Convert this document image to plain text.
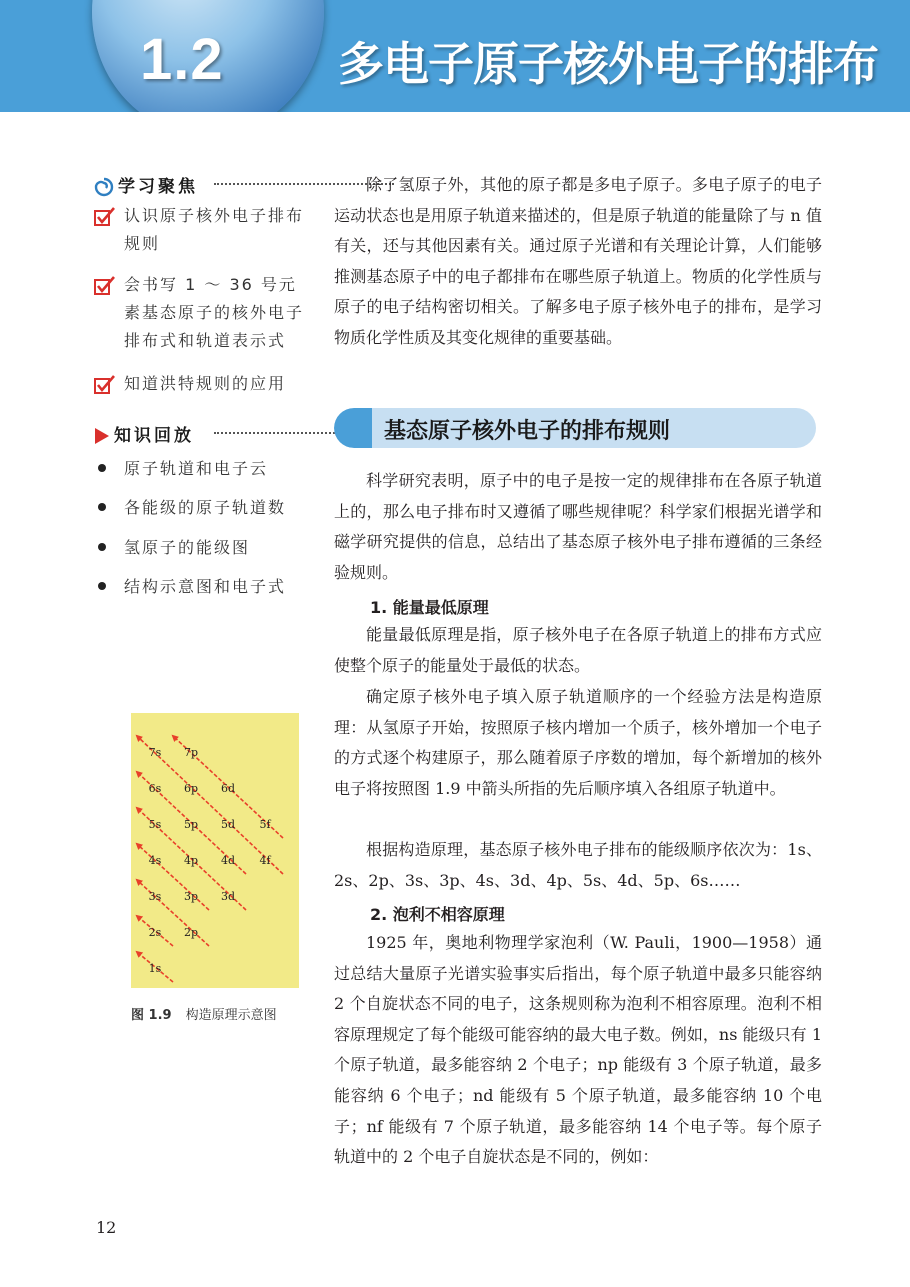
1.2 多电子原子核外电子的排布
学习聚焦
认识原子核外电子排布规则
会书写 1 ～ 36 号元素基态原子的核外电子排布式和轨道表示式
知道洪特规则的应用
知识回放
原子轨道和电子云
各能级的原子轨道数
氢原子的能级图
结构示意图和电子式
1s
2s 2p
3s 3p 3d
4s 4p 4d 4f
5s 5p 5d 5f
6s 6p 6d
7s 7p
图 1.9 构造原理示意图

除了氢原子外，其他的原子都是多电子原子。多电子原子的电子运动状态也是用原子轨道来描述的，但是原子轨道的能量除了与 n 值有关，还与其他因素有关。通过原子光谱和有关理论计算，人们能够推测基态原子中的电子都排布在哪些原子轨道上。物质的化学性质与原子的电子结构密切相关。了解多电子原子核外电子的排布，是学习物质化学性质及其变化规律的重要基础。

基态原子核外电子的排布规则

科学研究表明，原子中的电子是按一定的规律排布在各原子轨道上的，那么电子排布时又遵循了哪些规律呢？科学家们根据光谱学和磁学研究提供的信息，总结出了基态原子核外电子排布遵循的三条经验规则。

1. 能量最低原理

能量最低原理是指，原子核外电子在各原子轨道上的排布方式应使整个原子的能量处于最低的状态。

确定原子核外电子填入原子轨道顺序的一个经验方法是构造原理：从氢原子开始，按照原子核内增加一个质子，核外增加一个电子的方式逐个构建原子，那么随着原子序数的增加，每个新增加的核外电子将按照图 1.9 中箭头所指的先后顺序填入各组原子轨道中。

根据构造原理，基态原子核外电子排布的能级顺序依次为：1s、2s、2p、3s、3p、4s、3d、4p、5s、4d、5p、6s……

2. 泡利不相容原理

1925 年，奥地利物理学家泡利（W. Pauli，1900—1958）通过总结大量原子光谱实验事实后指出，每个原子轨道中最多只能容纳 2 个自旋状态不同的电子，这条规则称为泡利不相容原理。泡利不相容原理规定了每个能级可能容纳的最大电子数。例如，ns 能级只有 1 个原子轨道，最多能容纳 2 个电子；np 能级有 3 个原子轨道，最多能容纳 6 个电子；nd 能级有 5 个原子轨道，最多能容纳 10 个电子；nf 能级有 7 个原子轨道，最多能容纳 14 个电子等。每个原子轨道中的 2 个电子自旋状态是不同的，例如：

12
